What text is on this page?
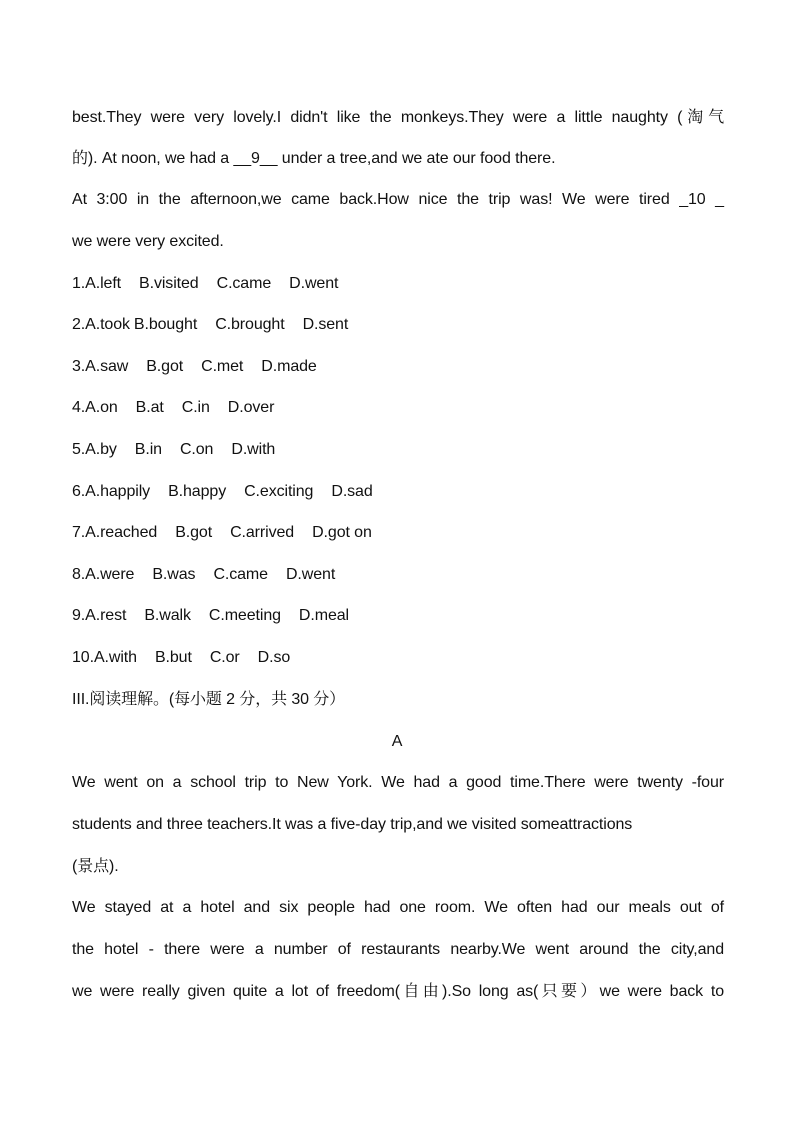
best.They were very lovely.I didn't like the monkeys.They were a little naughty (淘气
的). At noon, we had a __9__ under a tree,and we ate our food there.
At 3:00 in the afternoon,we came back.How nice the trip was! We were tired _10 _
we were very excited.
1.A.left B.visited C.came D.went
2.A.took B.bought C.brought D.sent
3.A.saw B.got C.met D.made
4.A.on B.at C.in D.over
5.A.by B.in C.on D.with
6.A.happily B.happy C.exciting D.sad
7.A.reached B.got C.arrived D.got on
8.A.were B.was C.came D.went
9.A.rest B.walk C.meeting D.meal
10.A.with B.but C.or D.so
III.阅读理解。(每小题 2 分，共 30 分）
A
We went on a school trip to New York. We had a good time.There were twenty -four
students and three teachers.It was a five-day trip,and we visited someattractions
(景点).
We stayed at a hotel and six people had one room. We often had our meals out of
the hotel - there were a number of restaurants nearby.We went around the city,and
we were really given quite a lot of freedom(自由).So long as(只要）we were back to
